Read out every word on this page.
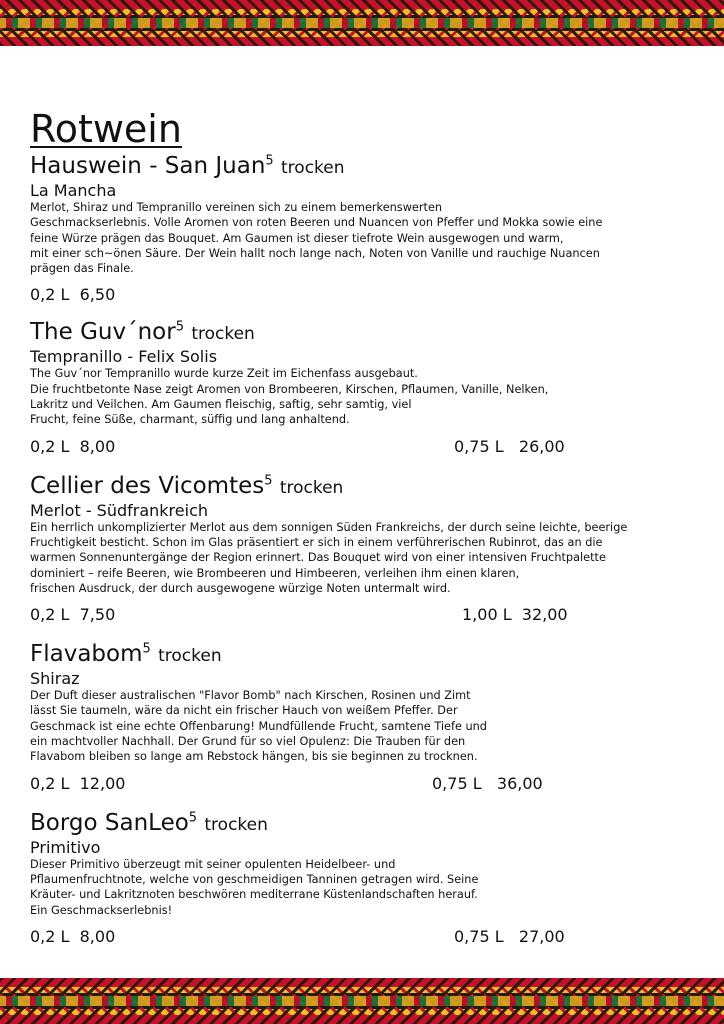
Rotwein
Hauswein - San Juan$^5$ trocken
La Mancha
Merlot, Shiraz und Tempranillo vereinen sich zu einem bemerkenswerten
Geschmackserlebnis. Volle Aromen von roten Beeren und Nuancen von Pfeffer und Mokka sowie eine
feine Würze prägen das Bouquet. Am Gaumen ist dieser tiefrote Wein ausgewogen und warm,
mit einer sch~önen Säure. Der Wein hallt noch lange nach, Noten von Vanille und rauchige Nuancen
prägen das Finale.
0,2 L  6,50
The Guv´nor$^5$ trocken
Tempranillo - Felix Solis
The Guv´nor Tempranillo wurde kurze Zeit im Eichenfass ausgebaut.
Die fruchtbetonte Nase zeigt Aromen von Brombeeren, Kirschen, Pflaumen, Vanille, Nelken,
Lakritz und Veilchen. Am Gaumen fleischig, saftig, sehr samtig, viel
Frucht, feine Süße, charmant, süffig und lang anhaltend.
0,2 L  8,00	0,75 L   26,00
Cellier des Vicomtes$^5$ trocken
Merlot - Südfrankreich
Ein herrlich unkomplizierter Merlot aus dem sonnigen Süden Frankreichs, der durch seine leichte, beerige
Fruchtigkeit besticht. Schon im Glas präsentiert er sich in einem verführerischen Rubinrot, das an die
warmen Sonnenuntergänge der Region erinnert. Das Bouquet wird von einer intensiven Fruchtpalette
dominiert – reife Beeren, wie Brombeeren und Himbeeren, verleihen ihm einen klaren,
frischen Ausdruck, der durch ausgewogene würzige Noten untermalt wird.
0,2 L  7,50	1,00 L  32,00
Flavabom$^5$ trocken
Shiraz
Der Duft dieser australischen "Flavor Bomb" nach Kirschen, Rosinen und Zimt
lässt Sie taumeln, wäre da nicht ein frischer Hauch von weißem Pfeffer. Der
Geschmack ist eine echte Offenbarung! Mundfüllende Frucht, samtene Tiefe und
ein machtvoller Nachhall. Der Grund für so viel Opulenz: Die Trauben für den
Flavabom bleiben so lange am Rebstock hängen, bis sie beginnen zu trocknen.
0,2 L  12,00	0,75 L   36,00
Borgo SanLeo$^5$ trocken
Primitivo
Dieser Primitivo überzeugt mit seiner opulenten Heidelbeer- und
Pflaumenfruchtnote, welche von geschmeidigen Tanninen getragen wird. Seine
Kräuter- und Lakritznoten beschwören mediterrane Küstenlandschaften herauf.
Ein Geschmackserlebnis!
0,2 L  8,00	0,75 L   27,00
